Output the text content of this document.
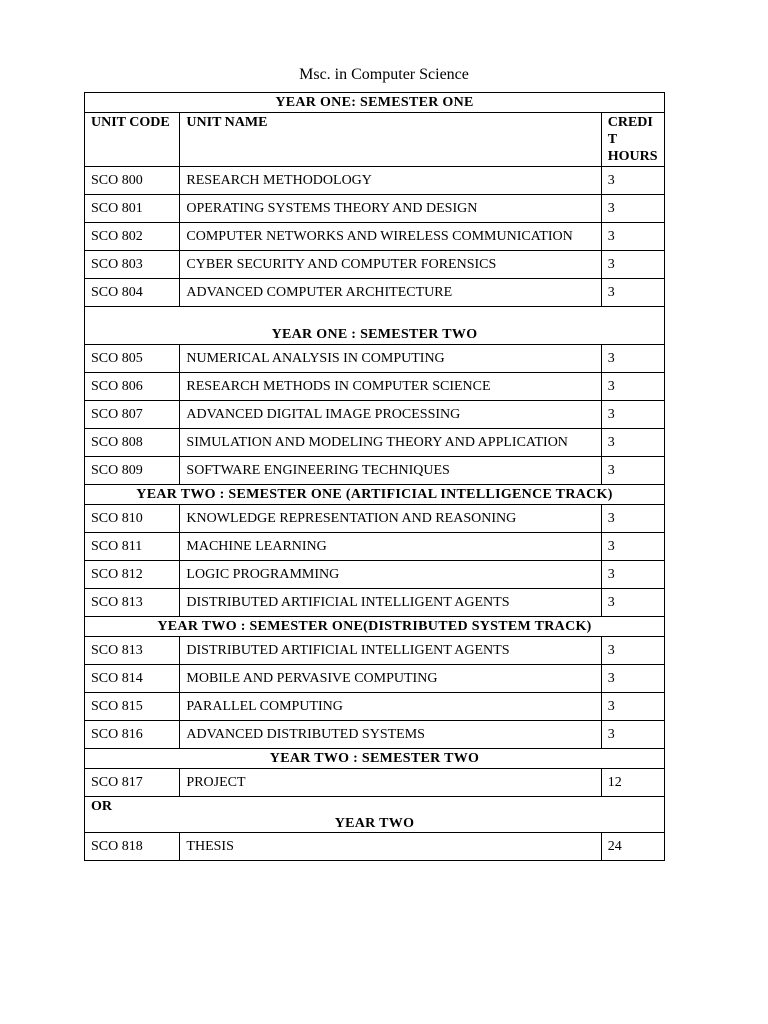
Msc. in Computer Science
YEAR ONE: SEMESTER ONE		
UNIT CODE	UNIT NAME	CREDIT HOURS
SCO 800	RESEARCH METHODOLOGY	3
SCO 801	OPERATING SYSTEMS THEORY AND DESIGN	3
SCO 802	COMPUTER NETWORKS AND WIRELESS COMMUNICATION	3
SCO 803	CYBER SECURITY AND COMPUTER FORENSICS	3
SCO 804	ADVANCED COMPUTER ARCHITECTURE	3
YEAR ONE : SEMESTER TWO		
SCO 805	NUMERICAL ANALYSIS IN COMPUTING	3
SCO 806	RESEARCH METHODS IN COMPUTER SCIENCE	3
SCO 807	ADVANCED DIGITAL IMAGE PROCESSING	3
SCO 808	SIMULATION AND MODELING THEORY AND APPLICATION	3
SCO 809	SOFTWARE ENGINEERING TECHNIQUES	3
YEAR TWO : SEMESTER ONE (ARTIFICIAL INTELLIGENCE TRACK)		
SCO 810	KNOWLEDGE REPRESENTATION AND REASONING	3
SCO 811	MACHINE LEARNING	3
SCO 812	LOGIC PROGRAMMING	3
SCO 813	DISTRIBUTED ARTIFICIAL INTELLIGENT AGENTS	3
YEAR TWO : SEMESTER ONE(DISTRIBUTED SYSTEM TRACK)		
SCO 813	DISTRIBUTED ARTIFICIAL INTELLIGENT AGENTS	3
SCO 814	MOBILE AND PERVASIVE COMPUTING	3
SCO 815	PARALLEL COMPUTING	3
SCO 816	ADVANCED DISTRIBUTED SYSTEMS	3
YEAR TWO : SEMESTER TWO		
SCO 817	PROJECT	12

OR
YEAR TWO		

SCO 818	THESIS	24
